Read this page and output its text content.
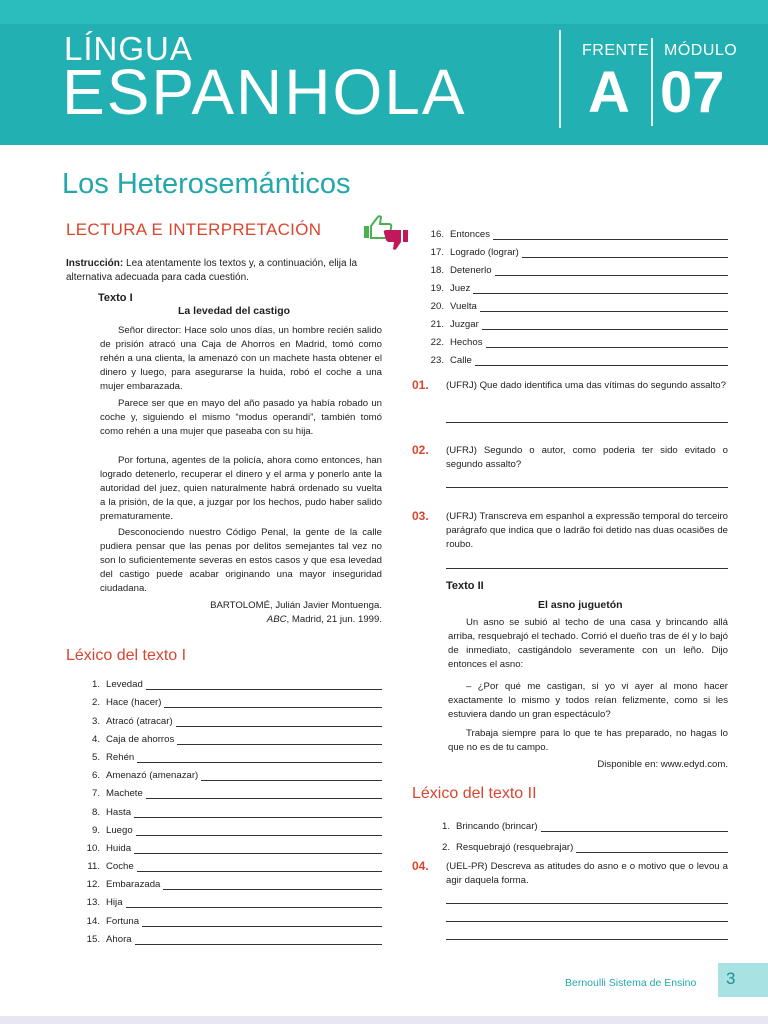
LÍNGUA
ESPANHOLA
FRENTE MÓDULO
A 07
Los Heterosemánticos
LECTURA E INTERPRETACIÓN
Instrucción: Lea atentamente los textos y, a continuación, elija la alternativa adecuada para cada cuestión.
Texto I
La levedad del castigo

Señor director: Hace solo unos días, un hombre recién salido de prisión atracó una Caja de Ahorros en Madrid, tomó como rehén a una clienta, la amenazó con un machete hasta obtener el dinero y luego, para asegurarse la huida, robó el coche a una mujer embarazada.

Parece ser que en mayo del año pasado ya había robado un coche y, siguiendo el mismo “modus operandi”, también tomó como rehén a una mujer que paseaba con su hija.

Por fortuna, agentes de la policía, ahora como entonces, han logrado detenerlo, recuperar el dinero y el arma y ponerlo ante la autoridad del juez, quien naturalmente habrá ordenado su vuelta a la prisión, de la que, a juzgar por los hechos, pudo haber salido prematuramente.

Desconociendo nuestro Código Penal, la gente de la calle pudiera pensar que las penas por delitos semejantes tal vez no son lo suficientemente severas en estos casos y que esa levedad del castigo puede acabar originando una mayor inseguridad ciudadana.

BARTOLOMÉ, Julián Javier Montuenga.
ABC, Madrid, 21 jun. 1999.
Léxico del texto I
1. Levedad
2. Hace (hacer)
3. Atracó (atracar)
4. Caja de ahorros
5. Rehén
6. Amenazó (amenazar)
7. Machete
8. Hasta
9. Luego
10. Huida
11. Coche
12. Embarazada
13. Hija
14. Fortuna
15. Ahora
16. Entonces
17. Logrado (lograr)
18. Detenerlo
19. Juez
20. Vuelta
21. Juzgar
22. Hechos
23. Calle
01. (UFRJ) Que dado identifica uma das vítimas do segundo assalto?
02. (UFRJ) Segundo o autor, como poderia ter sido evitado o segundo assalto?
03. (UFRJ) Transcreva em espanhol a expressão temporal do terceiro parágrafo que indica que o ladrão foi detido nas duas ocasiões de roubo.
Texto II
El asno juguetón

Un asno se subió al techo de una casa y brincando allá arriba, resquebrajó el techado. Corrió el dueño tras de él y lo bajó de inmediato, castigándolo severamente con un leño. Dijo entonces el asno:

– ¿Por qué me castigan, si yo vi ayer al mono hacer exactamente lo mismo y todos reían felizmente, como si les estuviera dando un gran espectáculo?

Trabaja siempre para lo que te has preparado, no hagas lo que no es de tu campo.

Disponible en: www.edyd.com.
Léxico del texto II
1. Brincando (brincar)
2. Resquebrajó (resquebrajar)
04. (UEL-PR) Descreva as atitudes do asno e o motivo que o levou a agir daquela forma.
Bernoulli Sistema de Ensino 3
